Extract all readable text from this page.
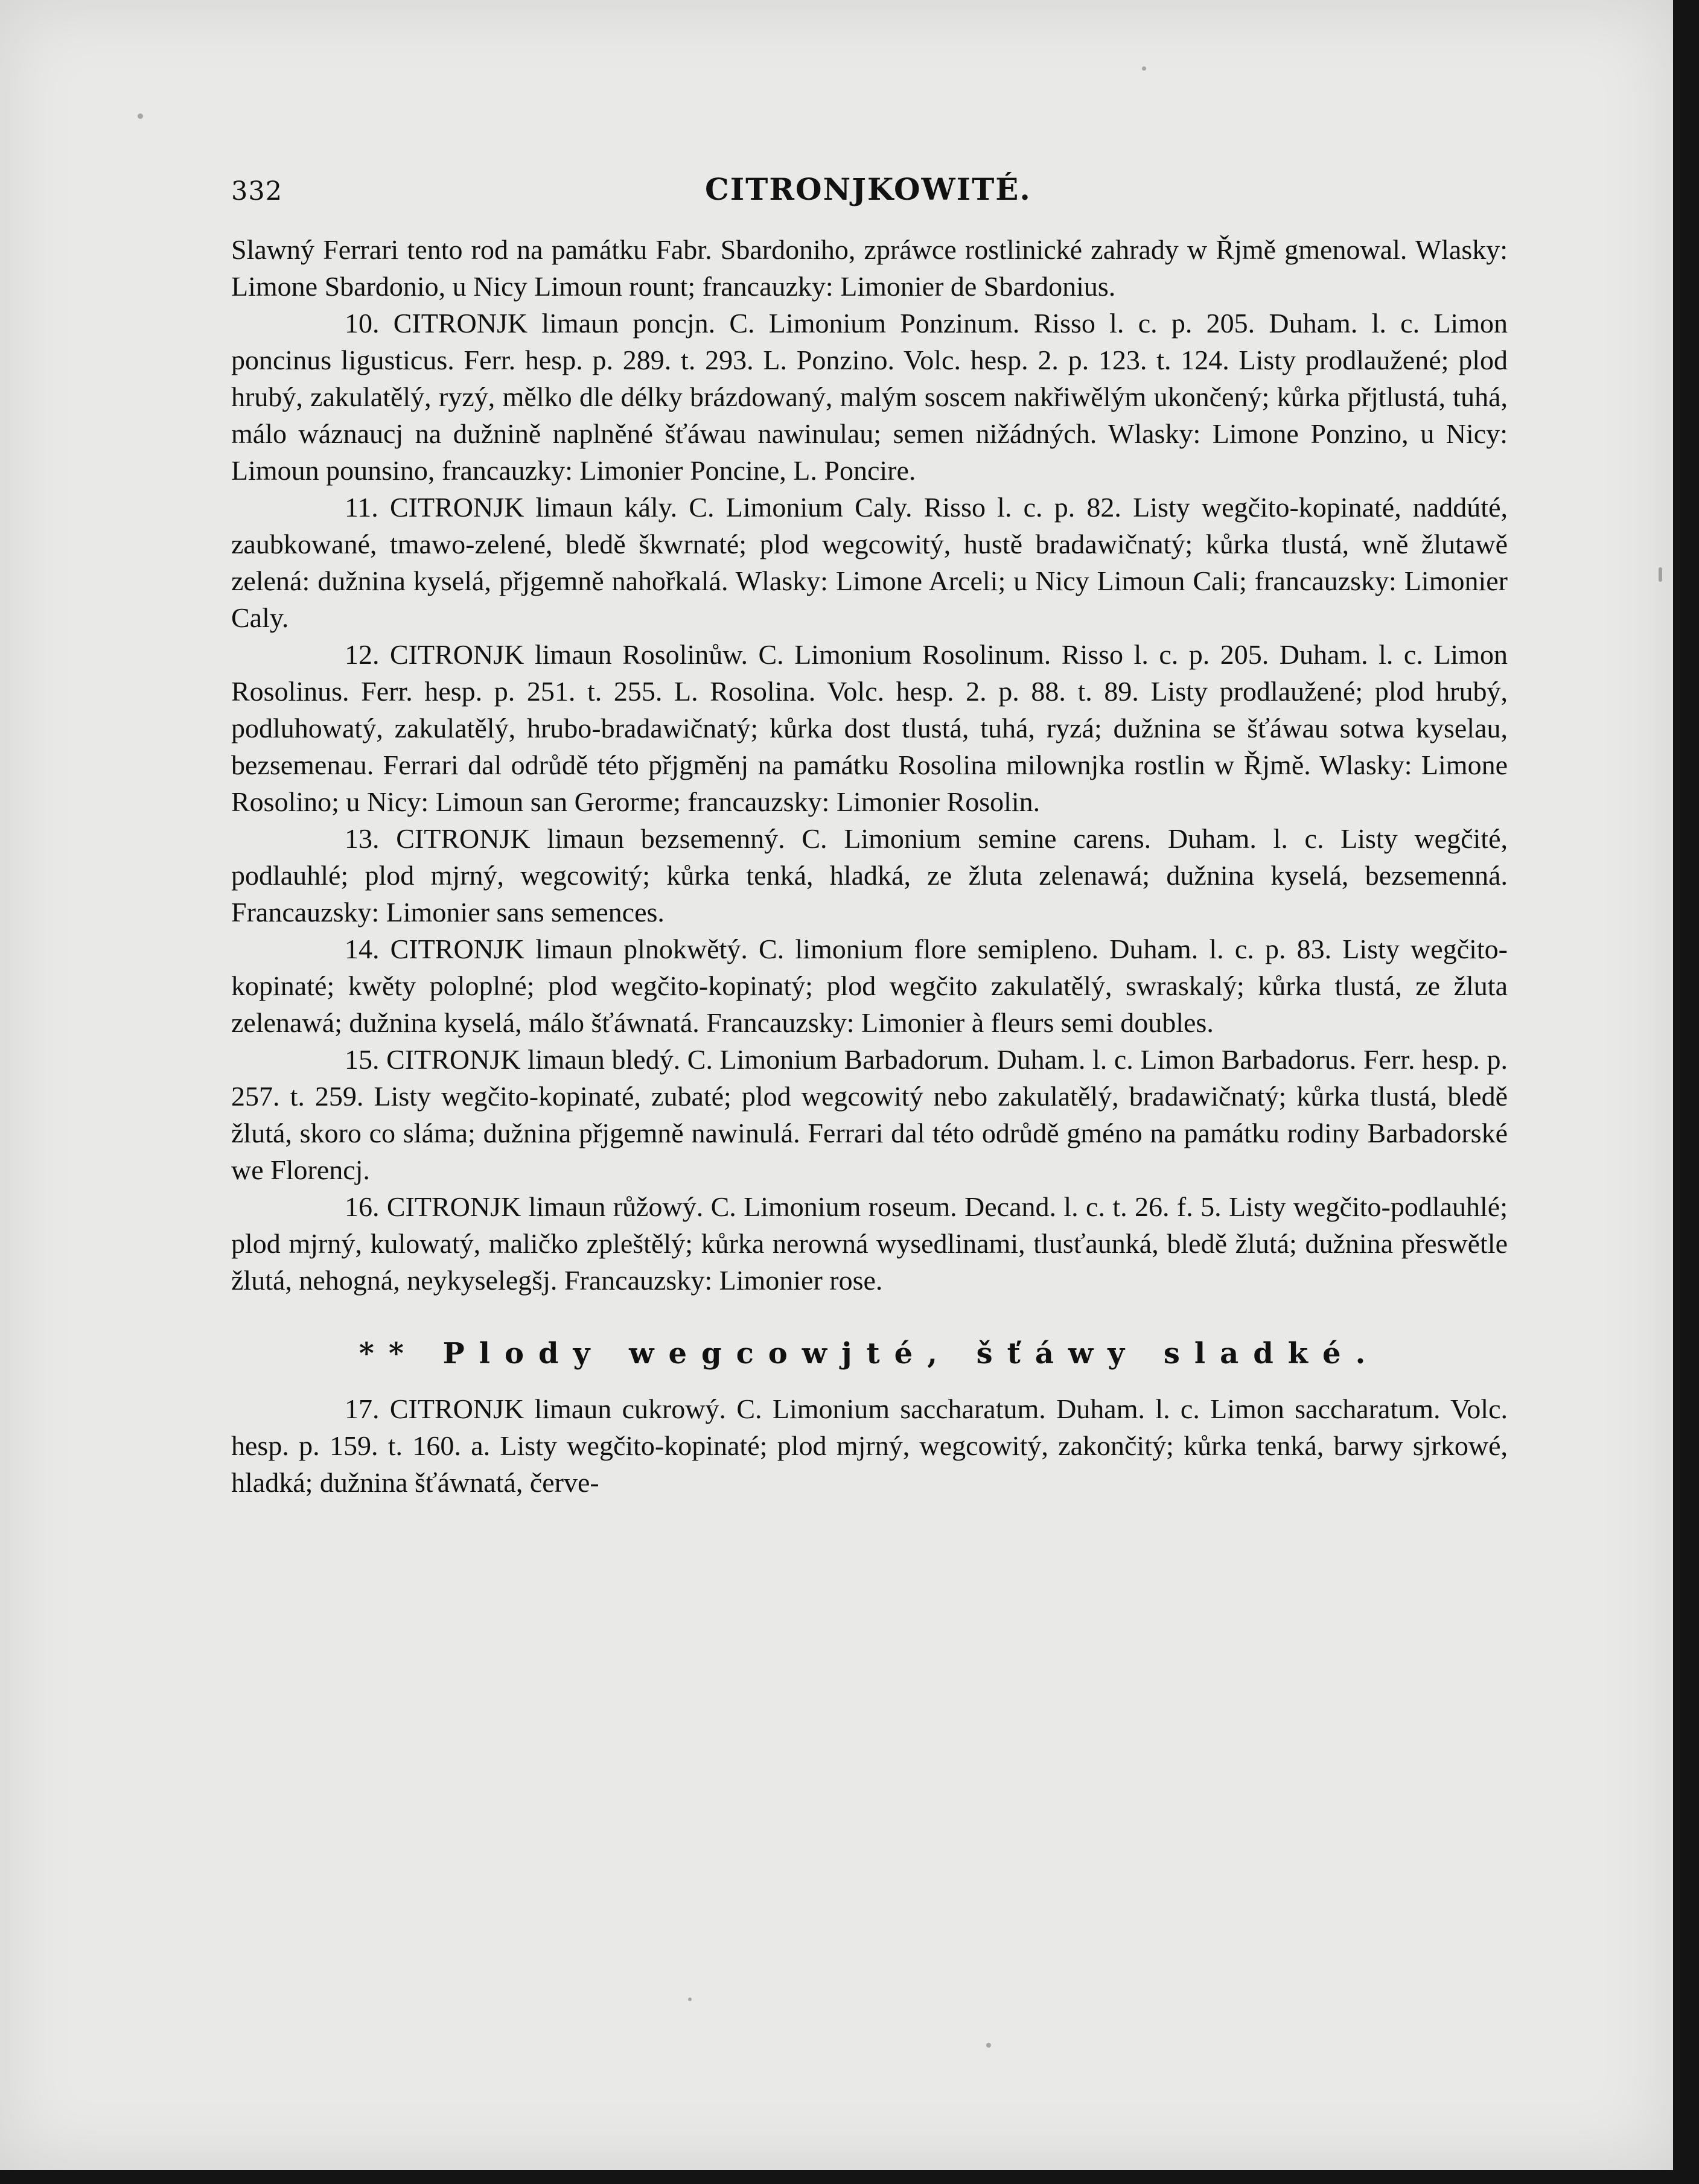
332	CITRONJKOWITÉ.

Slawný Ferrari tento rod na památku Fabr. Sbardoniho, zpráwce rostlinické zahrady w Řjmě gmenowal. Wlasky: Limone Sbardonio, u Nicy Limoun rount; francauzky: Limonier de Sbardonius.

10. CITRONJK limaun poncjn. C. Limonium Ponzinum. Risso l. c. p. 205. Duham. l. c. Limon poncinus ligusticus. Ferr. hesp. p. 289. t. 293. L. Ponzino. Volc. hesp. 2. p. 123. t. 124. Listy prodlaužené; plod hrubý, zakulatělý, ryzý, mělko dle délky brázdowaný, malým soscem nakřiwělým ukončený; kůrka přjtlustá, tuhá, málo wáznaucj na dužnině naplněné šťáwau nawinulau; semen nižádných. Wlasky: Limone Ponzino, u Nicy: Limoun pounsino, francauzky: Limonier Poncine, L. Poncire.

11. CITRONJK limaun kály. C. Limonium Caly. Risso l. c. p. 82. Listy wegčito-kopinaté, naddúté, zaubkowané, tmawo-zelené, bledě škwrnaté; plod wegcowitý, hustě bradawičnatý; kůrka tlustá, wně žlutawě zelená: dužnina kyselá, přjgemně nahořkalá. Wlasky: Limone Arceli; u Nicy Limoun Cali; francauzsky: Limonier Caly.

12. CITRONJK limaun Rosolinůw. C. Limonium Rosolinum. Risso l. c. p. 205. Duham. l. c. Limon Rosolinus. Ferr. hesp. p. 251. t. 255. L. Rosolina. Volc. hesp. 2. p. 88. t. 89. Listy prodlaužené; plod hrubý, podluhowatý, zakulatělý, hrubo-bradawičnatý; kůrka dost tlustá, tuhá, ryzá; dužnina se šťáwau sotwa kyselau, bezsemenau. Ferrari dal odrůdě této přjgměnj na památku Rosolina milownjka rostlin w Řjmě. Wlasky: Limone Rosolino; u Nicy: Limoun san Gerorme; francauzsky: Limonier Rosolin.

13. CITRONJK limaun bezsemenný. C. Limonium semine carens. Duham. l. c. Listy wegčité, podlauhlé; plod mjrný, wegcowitý; kůrka tenká, hladká, ze žluta zelenawá; dužnina kyselá, bezsemenná. Francauzsky: Limonier sans semences.

14. CITRONJK limaun plnokwětý. C. limonium flore semipleno. Duham. l. c. p. 83. Listy wegčito-kopinaté; kwěty poloplné; plod wegčito-kopinatý; plod wegčito zakulatělý, swraskalý; kůrka tlustá, ze žluta zelenawá; dužnina kyselá, málo šťáwnatá. Francauzsky: Limonier à fleurs semi doubles.

15. CITRONJK limaun bledý. C. Limonium Barbadorum. Duham. l. c. Limon Barbadorus. Ferr. hesp. p. 257. t. 259. Listy wegčito-kopinaté, zubaté; plod wegcowitý nebo zakulatělý, bradawičnatý; kůrka tlustá, bledě žlutá, skoro co sláma; dužnina přjgemně nawinulá. Ferrari dal této odrůdě gméno na památku rodiny Barbadorské we Florencj.

16. CITRONJK limaun růžowý. C. Limonium roseum. Decand. l. c. t. 26. f. 5. Listy wegčito-podlauhlé; plod mjrný, kulowatý, maličko zpleštělý; kůrka nerowná wysedlinami, tlusťaunká, bledě žlutá; dužnina přeswětle žlutá, nehogná, neykyselegšj. Francauzsky: Limonier rose.

** Plody wegcowjté, šťáwy sladké.

17. CITRONJK limaun cukrowý. C. Limonium saccharatum. Duham. l. c. Limon saccharatum. Volc. hesp. p. 159. t. 160. a. Listy wegčito-kopinaté; plod mjrný, wegcowitý, zakončitý; kůrka tenká, barwy sjrkowé, hladká; dužnina šťáwnatá, červe-
